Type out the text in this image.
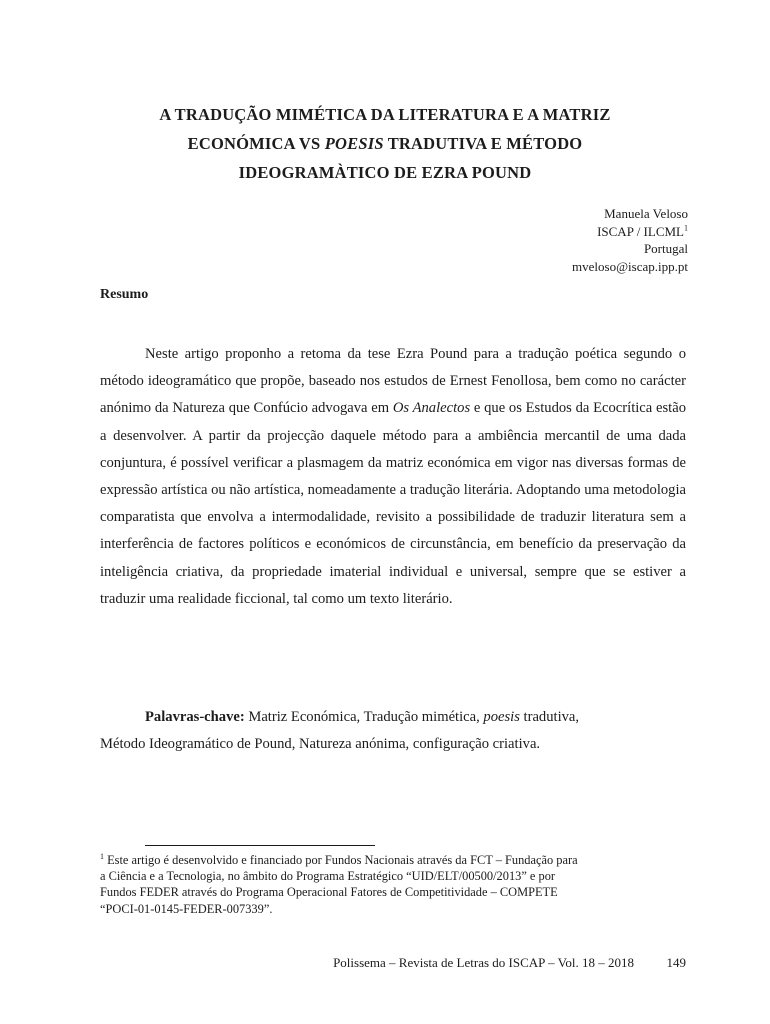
A TRADUÇÃO MIMÉTICA DA LITERATURA E A MATRIZ
ECONÓMICA VS POESIS TRADUTIVA E MÉTODO
IDEOGRAMÀTICO DE EZRA POUND
Manuela Veloso
ISCAP / ILCML$^1$
Portugal
mveloso@iscap.ipp.pt
Resumo

Neste artigo proponho a retoma da tese Ezra Pound para a tradução poética segundo o método ideogramático que propõe, baseado nos estudos de Ernest Fenollosa, bem como no carácter anónimo da Natureza que Confúcio advogava em Os Analectos e que os Estudos da Ecocrítica estão a desenvolver. A partir da projecção daquele método para a ambiência mercantil de uma dada conjuntura, é possível verificar a plasmagem da matriz económica em vigor nas diversas formas de expressão artística ou não artística, nomeadamente a tradução literária. Adoptando uma metodologia comparatista que envolva a intermodalidade, revisito a possibilidade de traduzir literatura sem a interferência de factores políticos e económicos de circunstância, em benefício da preservação da inteligência criativa, da propriedade imaterial individual e universal, sempre que se estiver a traduzir uma realidade ficcional, tal como um texto literário.

Palavras-chave: Matriz Económica, Tradução mimética, poesis tradutiva,
Método Ideogramático de Pound, Natureza anónima, configuração criativa.
$^1$ Este artigo é desenvolvido e financiado por Fundos Nacionais através da FCT – Fundação para
a Ciência e a Tecnologia, no âmbito do Programa Estratégico “UID/ELT/00500/2013” e por
Fundos FEDER através do Programa Operacional Fatores de Competitividade – COMPETE
“POCI-01-0145-FEDER-007339”.
Polissema – Revista de Letras do ISCAP – Vol. 18 – 2018	149
